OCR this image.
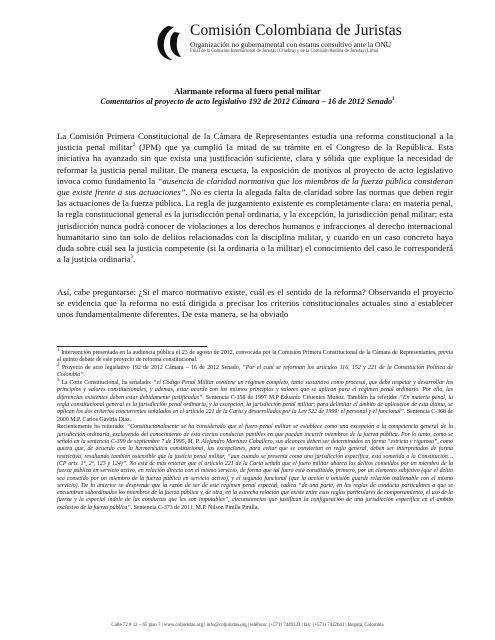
Comisión Colombiana de Juristas
Organización no gubernamental con estatus consultivo ante la ONU
Filial de la Comisión Internacional de Juristas (Ginebra) y de la Comisión Andina de Juristas (Lima)
Alarmante reforma al fuero penal militar
Comentarios al proyecto de acto legislativo 192 de 2012 Cámara – 16 de 2012 Senado$^1$
La Comisión Primera Constitucional de la Cámara de Representantes estudia una reforma constitucional a la justicia penal militar$^2$ (JPM) que ya cumplió la mitad de su trámite en el Congreso de la República. Esta iniciativa ha avanzado sin que exista una justificación suficiente, clara y sólida que explique la necesidad de reformar la justicia penal militar. De manera escueta, la exposición de motivos al proyecto de acto legislativo invoca como fundamento la “ausencia de claridad normativa que los miembros de la fuerza pública consideran que existe frente a sus actuaciones”. No es cierta la alegada falta de claridad sobre las normas que deben regir las actuaciones de la fuerza pública. La regla de juzgamiento existente es completamente clara: en materia penal, la regla constitucional general es la jurisdicción penal ordinaria, y la excepción, la jurisdicción penal militar; esta jurisdicción nunca podrá conocer de violaciones a los derechos humanos e infracciones al derecho internacional humanitario sino tan solo de delitos relacionados con la disciplina militar, y cuando en un caso concreto haya duda sobre cuál sea la justicia competente (si la ordinaria o la militar) el conocimiento del caso le corresponderá a la justicia ordinaria$^3$.
Así, cabe preguntarse: ¿Si el marco normativo existe, cuál es el sentido de la reforma? Observando el proyecto se evidencia que la reforma no está dirigida a precisar los criterios constitucionales actuales sino a establecer unos fundamentalmente diferentes. De esta manera, se ha obviado
$^1$ Intervención presentada en la audiencia pública el 23 de agosto de 2012, convocada por la Comisión Primera Constitucional de la Cámara de Representantes, previa al quinto debate de este proyecto de reforma constitucional.
$^2$ Proyecto de acto legislativo 192 de 2012 Cámara – 16 de 2012 Senado, “Por el cual se reforman los artículos 116, 152 y 221 de la Constitución Política de Colombia”.
$^3$ La Corte Constitucional, ha señalado: “el Código Penal Militar contiene un régimen completo, tanto sustantivo como procesal, que debe respetar y desarrollar los principios y valores constitucionales, y además, estar acorde con los mismos principios y valores que se aplican para el régimen penal ordinario. Por ello, las diferencias existentes deben estar debidamente justificadas”. Sentencia C-358 de 1997 M.P Eduardo Cifuentes Muñoz. También ha referido: “En materia penal, la regla constitucional general es la jurisdicción penal ordinaria, y la excepción, la jurisdicción penal militar; para delimitar el ámbito de aplicación de esta última, se aplican los dos criterios concurrentes señalados en el artículo 221 de la Carta y desarrollados por la Ley 522 de 1999: el personal y el funcional”. Sentencia C-368 de 2000 M.P. Carlos Gaviria Díaz.
Recientemente ha reiterado: “Constitucionalmente se ha considerado que el fuero penal militar se establece como una excepción a la competencia general de la jurisdicción ordinaria, excluyendo del conocimiento de ésta ciertas conductas punibles en que puedan incurrir miembros de la fuerza pública. Por lo tanto, como se señaló en la sentencia C-399 de septiembre 7 de 1995, M. P. Alejandro Martínez Caballero, sus alcances deben ser determinados en forma “estricta y rigurosa”, como quiera que, de acuerdo con la hermenéutica constitucional, las excepciones, para evitar que se conviertan en regla general, deben ser interpretadas de forma restrictiva, resultando también ostensible que la justicia penal militar, “aun cuando se presenta como una jurisdicción específica, está sometida a la Constitución… (CP arts. 1º, 2º, 123 y 124)”. No está de más reiterar que el artículo 221 de la Carta señala que el fuero militar abarca los delitos cometidos por un miembro de la fuerza pública en servicio activo, en relación directa con el mismo servicio, de forma que tal fuero está constituido, primero, por un elemento subjetivo (que el delito sea cometido por un miembro de la fuerza pública en servicio activo), y el segundo funcional (que la acción u omisión guarde relación inalienable con el mismo servicio). De lo anterior se desprende que la razón de ser de este régimen penal especial, radica “de una parte, en las reglas de conducta particulares a que se encuentran subordinados los miembros de la fuerza pública y, de otra, en la estrecha relación que existe entre esas reglas particulares de comportamiento, el uso de la fuerza y la especial índole de las conductas que les son imputables”, circunstancias que justifican la configuración de una jurisdicción específica en el ámbito exclusivo de la fuerza pública”. Sentencia C-373 de 2011. M.P. Nilson Pinilla Pinilla.
Calle 72 # 12 – 65 piso 7 | www.coljuristas.org | info@coljuristas.org | teléfono: (+571) 7449333 | fax: (+571) 7432643 | Bogotá, Colombia
